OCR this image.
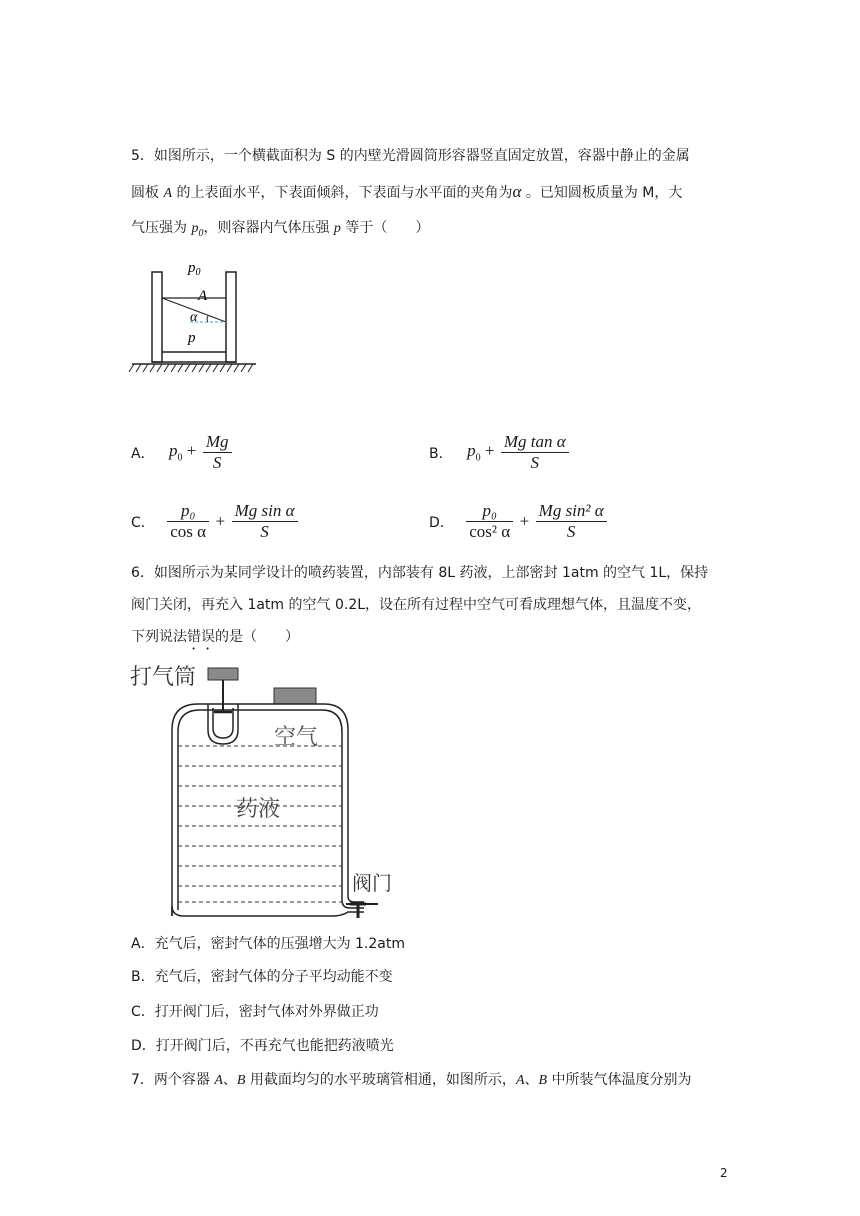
5．如图所示，一个横截面积为 S 的内壁光滑圆筒形容器竖直固定放置，容器中静止的金属
圆板 A 的上表面水平，下表面倾斜，下表面与水平面的夹角为α 。已知圆板质量为 M，大
气压强为 $p_0$，则容器内气体压强 p 等于（　　）
$p_0$
A
α
p
A． $p_0 + \frac{Mg}{S}$	B． $p_0 + \frac{\text{Mg tan α}}{S}$
C． $\frac{\text{p₀}}{\text{cos α}} + \frac{\text{Mg sin α}}{S}$	D． $\frac{\text{p₀}}{\text{cos² α}} + \frac{\text{Mg sin² α}}{S}$
6．如图所示为某同学设计的喷药装置，内部装有 8L 药液，上部密封 1atm 的空气 1L，保持
阀门关闭，再充入 1atm 的空气 0.2L，设在所有过程中空气可看成理想气体，且温度不变，
下列说法错误的是（　　）
打气筒
空气
药液
阀门
A．充气后，密封气体的压强增大为 1.2atm
B．充气后，密封气体的分子平均动能不变
C．打开阀门后，密封气体对外界做正功
D．打开阀门后，不再充气也能把药液喷光
7．两个容器 A、B 用截面均匀的水平玻璃管相通，如图所示，A、B 中所装气体温度分别为
2
